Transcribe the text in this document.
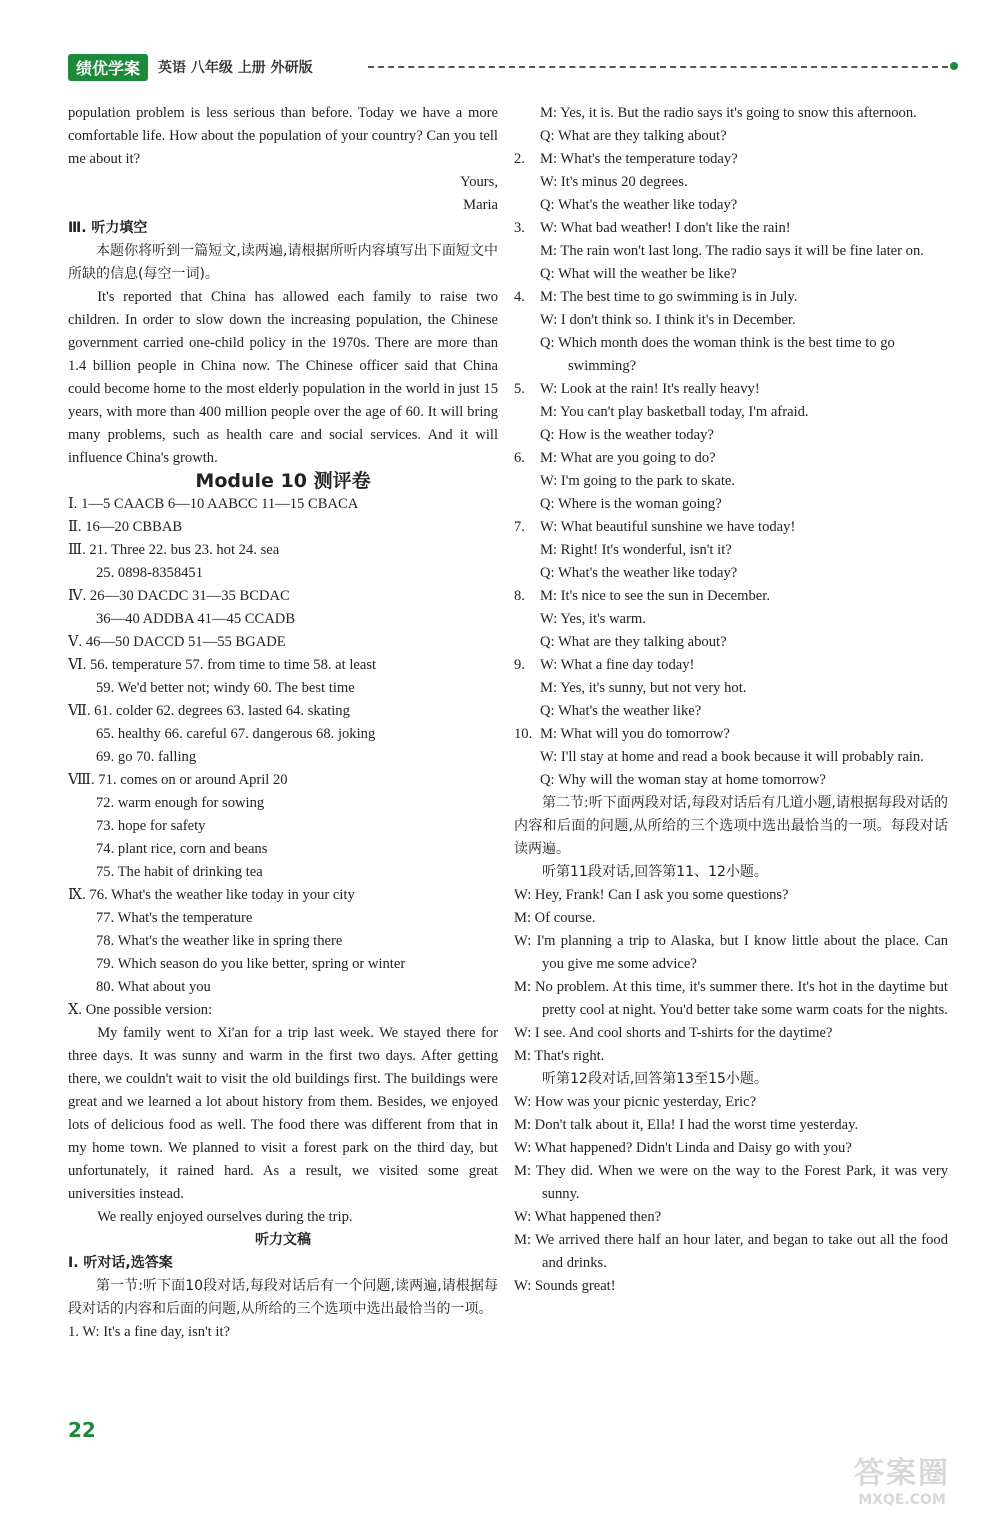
绩优学案	英语 八年级 上册 外研版

population problem is less serious than before. Today we have a more comfortable life. How about the population of your country? Can you tell me about it?

Yours,

Maria

Ⅲ. 听力填空

本题你将听到一篇短文,读两遍,请根据所听内容填写出下面短文中所缺的信息(每空一词)。

It's reported that China has allowed each family to raise two children. In order to slow down the increasing population, the Chinese government carried one-child policy in the 1970s. There are more than 1.4 billion people in China now. The Chinese officer said that China could become home to the most elderly population in the world in just 15 years, with more than 400 million people over the age of 60. It will bring many problems, such as health care and social services. And it will influence China's growth.

Module 10 测评卷

Ⅰ. 1—5 CAACB 6—10 AABCC 11—15 CBACA

Ⅱ. 16—20 CBBAB

Ⅲ. 21. Three 22. bus 23. hot 24. sea

25. 0898-8358451

Ⅳ. 26—30 DACDC 31—35 BCDAC

36—40 ADDBA 41—45 CCADB

Ⅴ. 46—50 DACCD 51—55 BGADE

Ⅵ. 56. temperature 57. from time to time 58. at least

59. We'd better not; windy 60. The best time

Ⅶ. 61. colder 62. degrees 63. lasted 64. skating

65. healthy 66. careful 67. dangerous 68. joking

69. go 70. falling

Ⅷ. 71. comes on or around April 20

72. warm enough for sowing

73. hope for safety

74. plant rice, corn and beans

75. The habit of drinking tea

Ⅸ. 76. What's the weather like today in your city

77. What's the temperature

78. What's the weather like in spring there

79. Which season do you like better, spring or winter

80. What about you

Ⅹ. One possible version:

My family went to Xi'an for a trip last week. We stayed there for three days. It was sunny and warm in the first two days. After getting there, we couldn't wait to visit the old buildings first. The buildings were great and we learned a lot about history from them. Besides, we enjoyed lots of delicious food as well. The food there was different from that in my home town. We planned to visit a forest park on the third day, but unfortunately, it rained hard. As a result, we visited some great universities instead.

We really enjoyed ourselves during the trip.

听力文稿

Ⅰ. 听对话,选答案

第一节:听下面10段对话,每段对话后有一个问题,读两遍,请根据每段对话的内容和后面的问题,从所给的三个选项中选出最恰当的一项。

1. W: It's a fine day, isn't it?

M: Yes, it is. But the radio says it's going to snow this afternoon.
Q: What are they talking about?
2.	M: What's the temperature today?
W: It's minus 20 degrees.
Q: What's the weather like today?
3.	W: What bad weather! I don't like the rain!
M: The rain won't last long. The radio says it will be fine later on.
Q: What will the weather be like?
4.	M: The best time to go swimming is in July.
W: I don't think so. I think it's in December.
Q: Which month does the woman think is the best time to go swimming?
5.	W: Look at the rain! It's really heavy!
M: You can't play basketball today, I'm afraid.
Q: How is the weather today?
6.	M: What are you going to do?
W: I'm going to the park to skate.
Q: Where is the woman going?
7.	W: What beautiful sunshine we have today!
M: Right! It's wonderful, isn't it?
Q: What's the weather like today?
8.	M: It's nice to see the sun in December.
W: Yes, it's warm.
Q: What are they talking about?
9.	W: What a fine day today!
M: Yes, it's sunny, but not very hot.
Q: What's the weather like?
10. M: What will you do tomorrow?
W: I'll stay at home and read a book because it will probably rain.
Q: Why will the woman stay at home tomorrow?

第二节:听下面两段对话,每段对话后有几道小题,请根据每段对话的内容和后面的问题,从所给的三个选项中选出最恰当的一项。每段对话读两遍。

听第11段对话,回答第11、12小题。

W: Hey, Frank! Can I ask you some questions?

M: Of course.

W: I'm planning a trip to Alaska, but I know little about the place. Can you give me some advice?

M: No problem. At this time, it's summer there. It's hot in the daytime but pretty cool at night. You'd better take some warm coats for the nights.

W: I see. And cool shorts and T-shirts for the daytime?

M: That's right.

听第12段对话,回答第13至15小题。

W: How was your picnic yesterday, Eric?

M: Don't talk about it, Ella! I had the worst time yesterday.

W: What happened? Didn't Linda and Daisy go with you?

M: They did. When we were on the way to the Forest Park, it was very sunny.

W: What happened then?

M: We arrived there half an hour later, and began to take out all the food and drinks.

W: Sounds great!

22
答案圈
MXQE.COM
